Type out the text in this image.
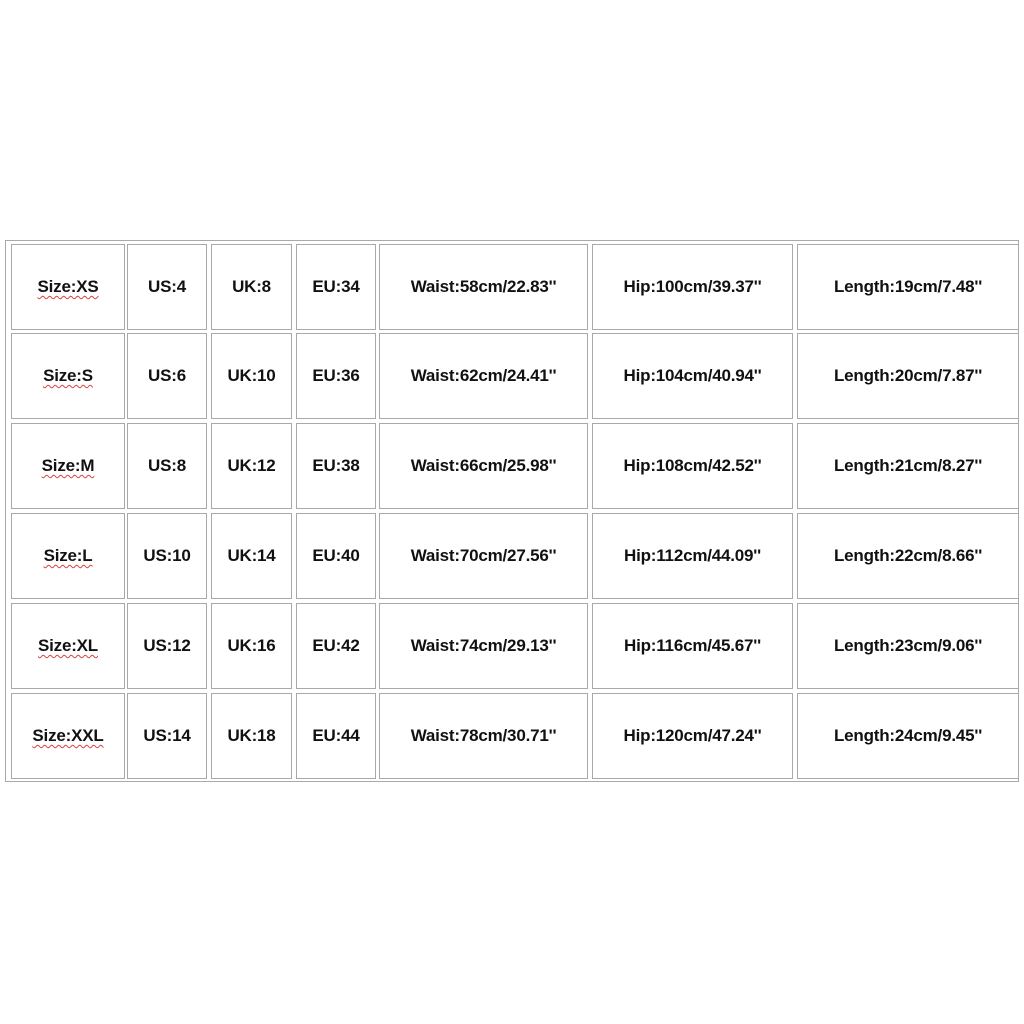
Size:XS	US:4	UK:8 EU:34	Waist:58cm/22.83''	Hip:100cm/39.37''	Length:19cm/7.48''
Size:S	US:6 UK:10 EU:36	Waist:62cm/24.41''	Hip:104cm/40.94''	Length:20cm/7.87''
Size:M	US:8 UK:12 EU:38	Waist:66cm/25.98''	Hip:108cm/42.52''	Length:21cm/8.27''
Size:L	US:10 UK:14 EU:40	Waist:70cm/27.56''	Hip:112cm/44.09''	Length:22cm/8.66''
Size:XL	US:12 UK:16 EU:42	Waist:74cm/29.13''	Hip:116cm/45.67''	Length:23cm/9.06''
Size:XXL US:14 UK:18 EU:44	Waist:78cm/30.71''	Hip:120cm/47.24''	Length:24cm/9.45''
